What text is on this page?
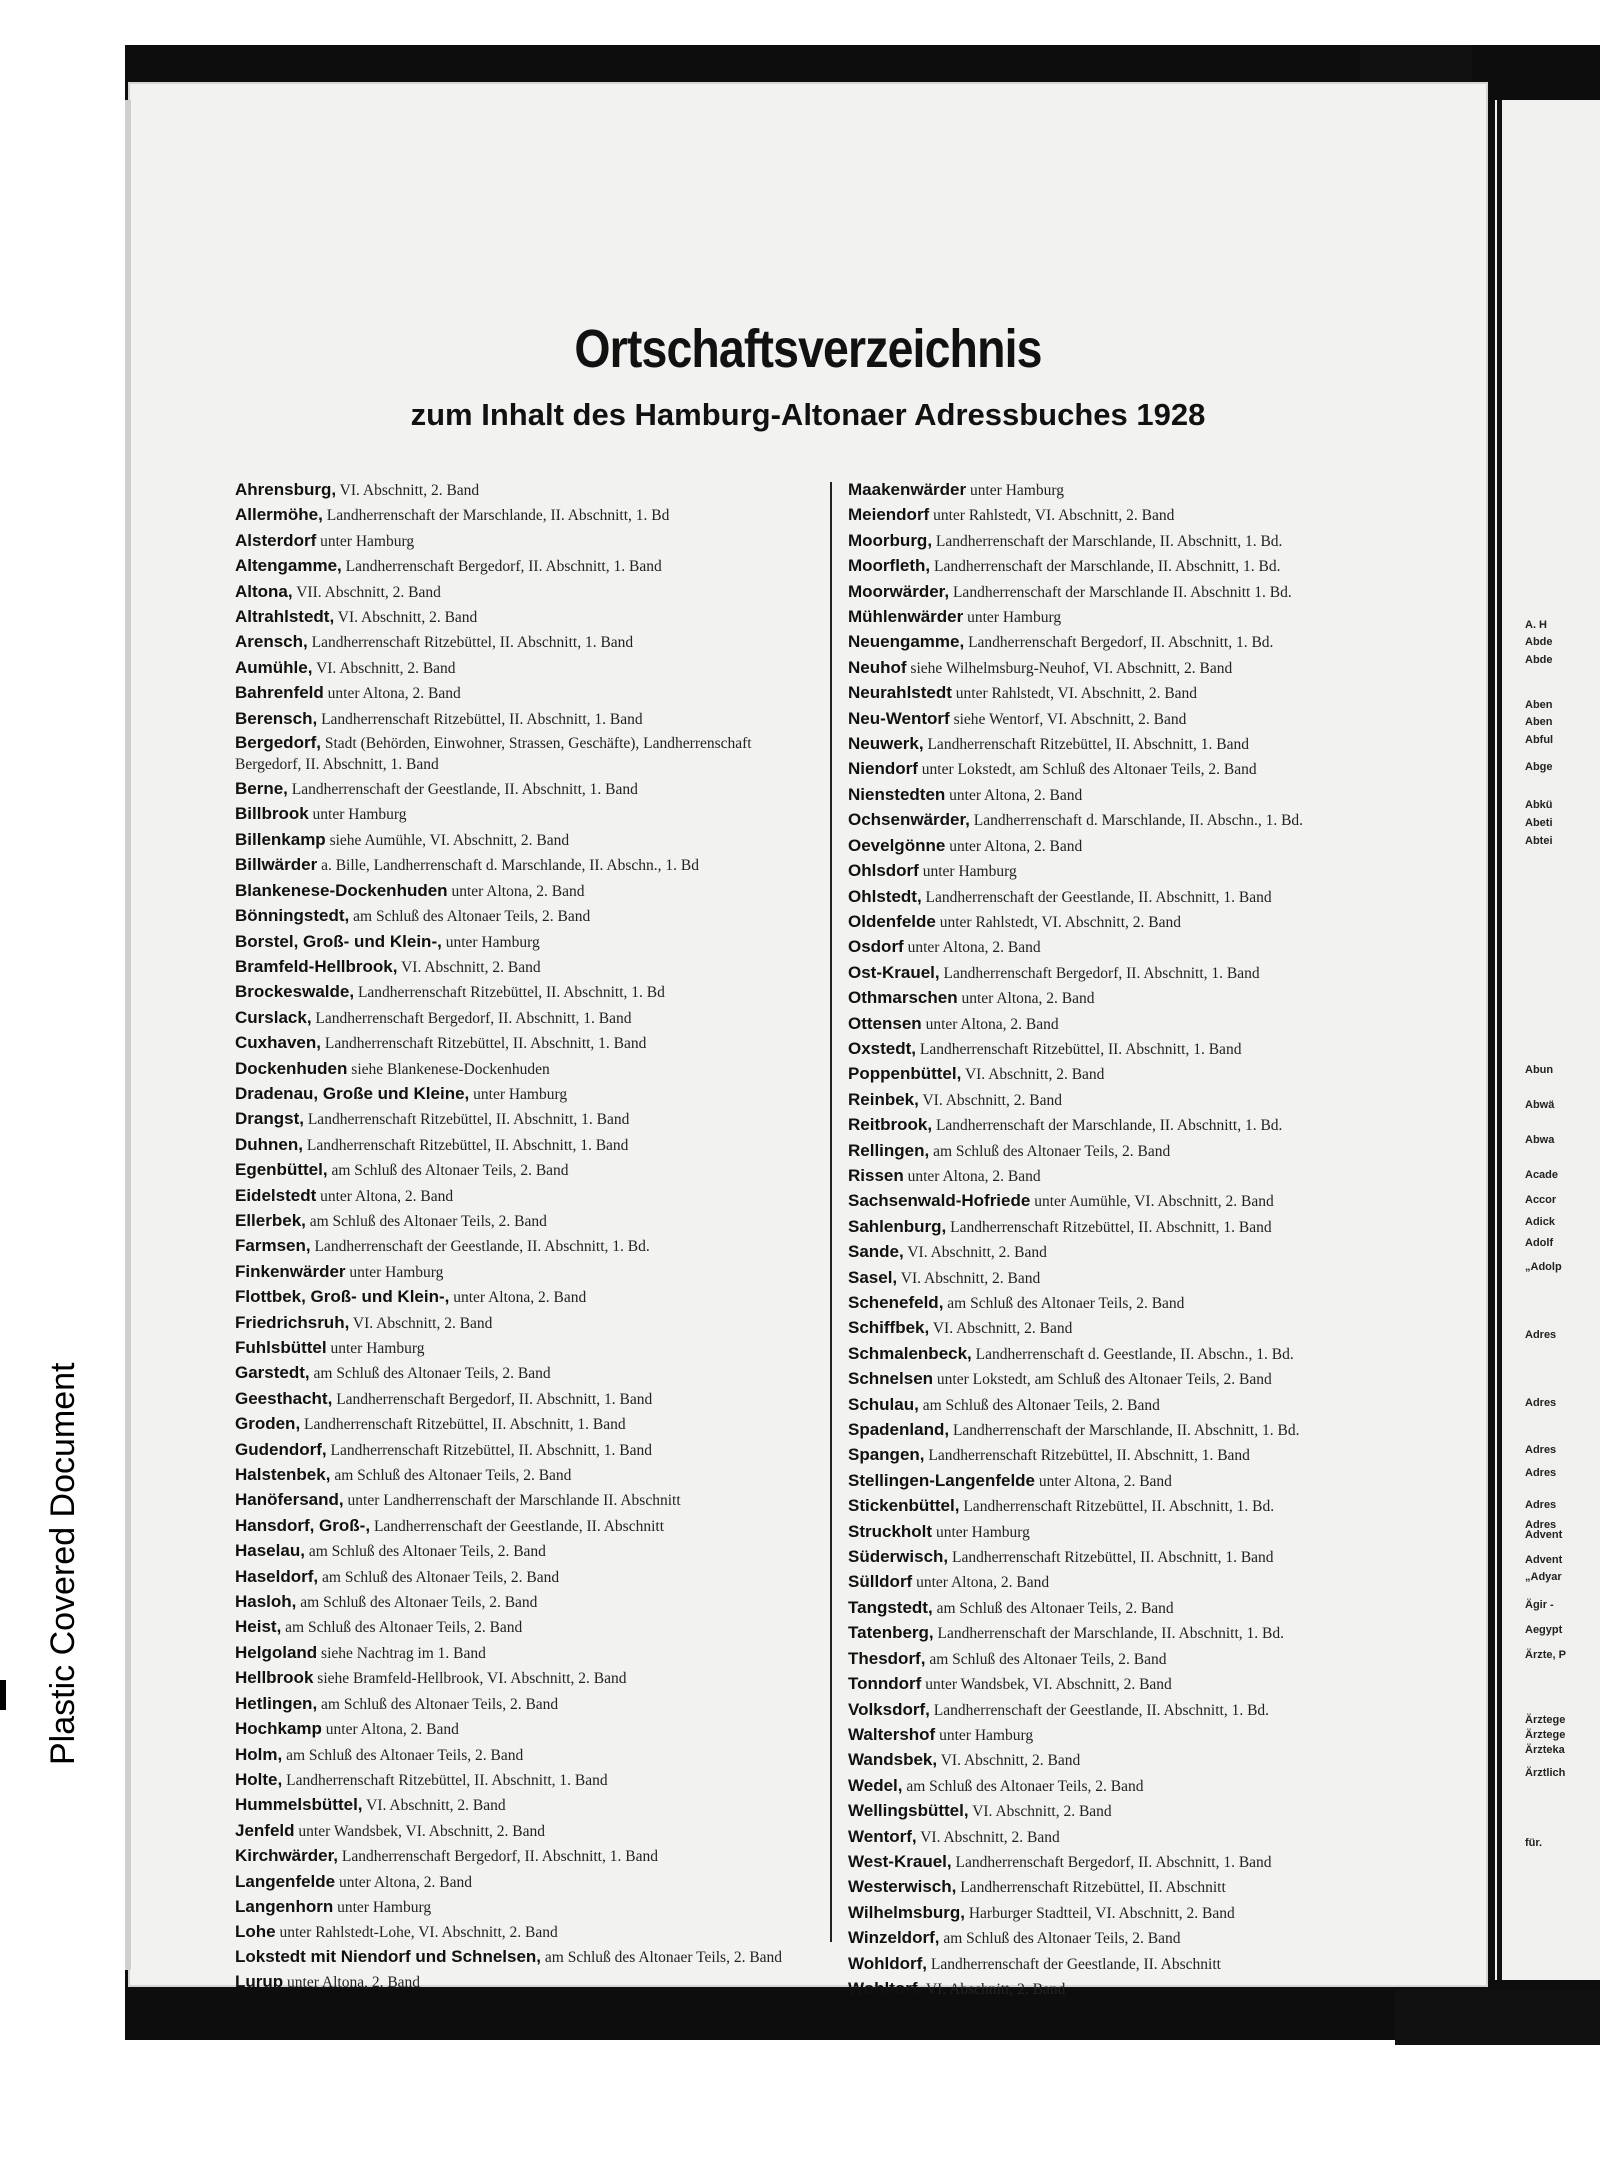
Plastic Covered Document
A. H
Abde
Abde
Aben
Aben
Abful
Abge
Abkü
Abeti
Abtei
Abun
Abwä
Abwa
Acade
Accor
Adick
Adolf
„Adolp
Adres
Adres
Adres
Adres
Adres
Adres
Advent
Advent
„Adyar
Ägir -
Aegypt
Ärzte, P
Ärztege
Ärztege
Ärzteka
Ärztlich
für.
Ortschaftsverzeichnis
zum Inhalt des Hamburg-Altonaer Adressbuches 1928
Ahrensburg, VI. Abschnitt, 2. Band
Allermöhe, Landherrenschaft der Marschlande, II. Abschnitt, 1. Bd
Alsterdorf unter Hamburg
Altengamme, Landherrenschaft Bergedorf, II. Abschnitt, 1. Band
Altona, VII. Abschnitt, 2. Band
Altrahlstedt, VI. Abschnitt, 2. Band
Arensch, Landherrenschaft Ritzebüttel, II. Abschnitt, 1. Band
Aumühle, VI. Abschnitt, 2. Band
Bahrenfeld unter Altona, 2. Band
Berensch, Landherrenschaft Ritzebüttel, II. Abschnitt, 1. Band
Bergedorf, Stadt (Behörden, Einwohner, Strassen, Geschäfte), Landherrenschaft Bergedorf, II. Abschnitt, 1. Band
Berne, Landherrenschaft der Geestlande, II. Abschnitt, 1. Band
Billbrook unter Hamburg
Billenkamp siehe Aumühle, VI. Abschnitt, 2. Band
Billwärder a. Bille, Landherrenschaft d. Marschlande, II. Abschn., 1. Bd
Blankenese-Dockenhuden unter Altona, 2. Band
Bönningstedt, am Schluß des Altonaer Teils, 2. Band
Borstel, Groß- und Klein-, unter Hamburg
Bramfeld-Hellbrook, VI. Abschnitt, 2. Band
Brockeswalde, Landherrenschaft Ritzebüttel, II. Abschnitt, 1. Bd
Curslack, Landherrenschaft Bergedorf, II. Abschnitt, 1. Band
Cuxhaven, Landherrenschaft Ritzebüttel, II. Abschnitt, 1. Band
Dockenhuden siehe Blankenese-Dockenhuden
Dradenau, Große und Kleine, unter Hamburg
Drangst, Landherrenschaft Ritzebüttel, II. Abschnitt, 1. Band
Duhnen, Landherrenschaft Ritzebüttel, II. Abschnitt, 1. Band
Egenbüttel, am Schluß des Altonaer Teils, 2. Band
Eidelstedt unter Altona, 2. Band
Ellerbek, am Schluß des Altonaer Teils, 2. Band
Farmsen, Landherrenschaft der Geestlande, II. Abschnitt, 1. Bd.
Finkenwärder unter Hamburg
Flottbek, Groß- und Klein-, unter Altona, 2. Band
Friedrichsruh, VI. Abschnitt, 2. Band
Fuhlsbüttel unter Hamburg
Garstedt, am Schluß des Altonaer Teils, 2. Band
Geesthacht, Landherrenschaft Bergedorf, II. Abschnitt, 1. Band
Groden, Landherrenschaft Ritzebüttel, II. Abschnitt, 1. Band
Gudendorf, Landherrenschaft Ritzebüttel, II. Abschnitt, 1. Band
Halstenbek, am Schluß des Altonaer Teils, 2. Band
Hanöfersand, unter Landherrenschaft der Marschlande II. Abschnitt
Hansdorf, Groß-, Landherrenschaft der Geestlande, II. Abschnitt
Haselau, am Schluß des Altonaer Teils, 2. Band
Haseldorf, am Schluß des Altonaer Teils, 2. Band
Hasloh, am Schluß des Altonaer Teils, 2. Band
Heist, am Schluß des Altonaer Teils, 2. Band
Helgoland siehe Nachtrag im 1. Band
Hellbrook siehe Bramfeld-Hellbrook, VI. Abschnitt, 2. Band
Hetlingen, am Schluß des Altonaer Teils, 2. Band
Hochkamp unter Altona, 2. Band
Holm, am Schluß des Altonaer Teils, 2. Band
Holte, Landherrenschaft Ritzebüttel, II. Abschnitt, 1. Band
Hummelsbüttel, VI. Abschnitt, 2. Band
Jenfeld unter Wandsbek, VI. Abschnitt, 2. Band
Kirchwärder, Landherrenschaft Bergedorf, II. Abschnitt, 1. Band
Langenfelde unter Altona, 2. Band
Langenhorn unter Hamburg
Lohe unter Rahlstedt-Lohe, VI. Abschnitt, 2. Band
Lokstedt mit Niendorf und Schnelsen, am Schluß des Altonaer Teils, 2. Band
Lurup unter Altona, 2. Band
Maakenwärder unter Hamburg
Meiendorf unter Rahlstedt, VI. Abschnitt, 2. Band
Moorburg, Landherrenschaft der Marschlande, II. Abschnitt, 1. Bd.
Moorfleth, Landherrenschaft der Marschlande, II. Abschnitt, 1. Bd.
Moorwärder, Landherrenschaft der Marschlande II. Abschnitt 1. Bd.
Mühlenwärder unter Hamburg
Neuengamme, Landherrenschaft Bergedorf, II. Abschnitt, 1. Bd.
Neuhof siehe Wilhelmsburg-Neuhof, VI. Abschnitt, 2. Band
Neurahlstedt unter Rahlstedt, VI. Abschnitt, 2. Band
Neu-Wentorf siehe Wentorf, VI. Abschnitt, 2. Band
Neuwerk, Landherrenschaft Ritzebüttel, II. Abschnitt, 1. Band
Niendorf unter Lokstedt, am Schluß des Altonaer Teils, 2. Band
Nienstedten unter Altona, 2. Band
Ochsenwärder, Landherrenschaft d. Marschlande, II. Abschn., 1. Bd.
Oevelgönne unter Altona, 2. Band
Ohlsdorf unter Hamburg
Ohlstedt, Landherrenschaft der Geestlande, II. Abschnitt, 1. Band
Oldenfelde unter Rahlstedt, VI. Abschnitt, 2. Band
Osdorf unter Altona, 2. Band
Ost-Krauel, Landherrenschaft Bergedorf, II. Abschnitt, 1. Band
Othmarschen unter Altona, 2. Band
Ottensen unter Altona, 2. Band
Oxstedt, Landherrenschaft Ritzebüttel, II. Abschnitt, 1. Band
Poppenbüttel, VI. Abschnitt, 2. Band
Reinbek, VI. Abschnitt, 2. Band
Reitbrook, Landherrenschaft der Marschlande, II. Abschnitt, 1. Bd.
Rellingen, am Schluß des Altonaer Teils, 2. Band
Rissen unter Altona, 2. Band
Sachsenwald-Hofriede unter Aumühle, VI. Abschnitt, 2. Band
Sahlenburg, Landherrenschaft Ritzebüttel, II. Abschnitt, 1. Band
Sande, VI. Abschnitt, 2. Band
Sasel, VI. Abschnitt, 2. Band
Schenefeld, am Schluß des Altonaer Teils, 2. Band
Schiffbek, VI. Abschnitt, 2. Band
Schmalenbeck, Landherrenschaft d. Geestlande, II. Abschn., 1. Bd.
Schnelsen unter Lokstedt, am Schluß des Altonaer Teils, 2. Band
Schulau, am Schluß des Altonaer Teils, 2. Band
Spadenland, Landherrenschaft der Marschlande, II. Abschnitt, 1. Bd.
Spangen, Landherrenschaft Ritzebüttel, II. Abschnitt, 1. Band
Stellingen-Langenfelde unter Altona, 2. Band
Stickenbüttel, Landherrenschaft Ritzebüttel, II. Abschnitt, 1. Bd.
Struckholt unter Hamburg
Süderwisch, Landherrenschaft Ritzebüttel, II. Abschnitt, 1. Band
Sülldorf unter Altona, 2. Band
Tangstedt, am Schluß des Altonaer Teils, 2. Band
Tatenberg, Landherrenschaft der Marschlande, II. Abschnitt, 1. Bd.
Thesdorf, am Schluß des Altonaer Teils, 2. Band
Tonndorf unter Wandsbek, VI. Abschnitt, 2. Band
Volksdorf, Landherrenschaft der Geestlande, II. Abschnitt, 1. Bd.
Waltershof unter Hamburg
Wandsbek, VI. Abschnitt, 2. Band
Wedel, am Schluß des Altonaer Teils, 2. Band
Wellingsbüttel, VI. Abschnitt, 2. Band
Wentorf, VI. Abschnitt, 2. Band
West-Krauel, Landherrenschaft Bergedorf, II. Abschnitt, 1. Band
Westerwisch, Landherrenschaft Ritzebüttel, II. Abschnitt
Wilhelmsburg, Harburger Stadtteil, VI. Abschnitt, 2. Band
Winzeldorf, am Schluß des Altonaer Teils, 2. Band
Wohldorf, Landherrenschaft der Geestlande, II. Abschnitt
Wohltorf, VI. Abschnitt, 2. Band
